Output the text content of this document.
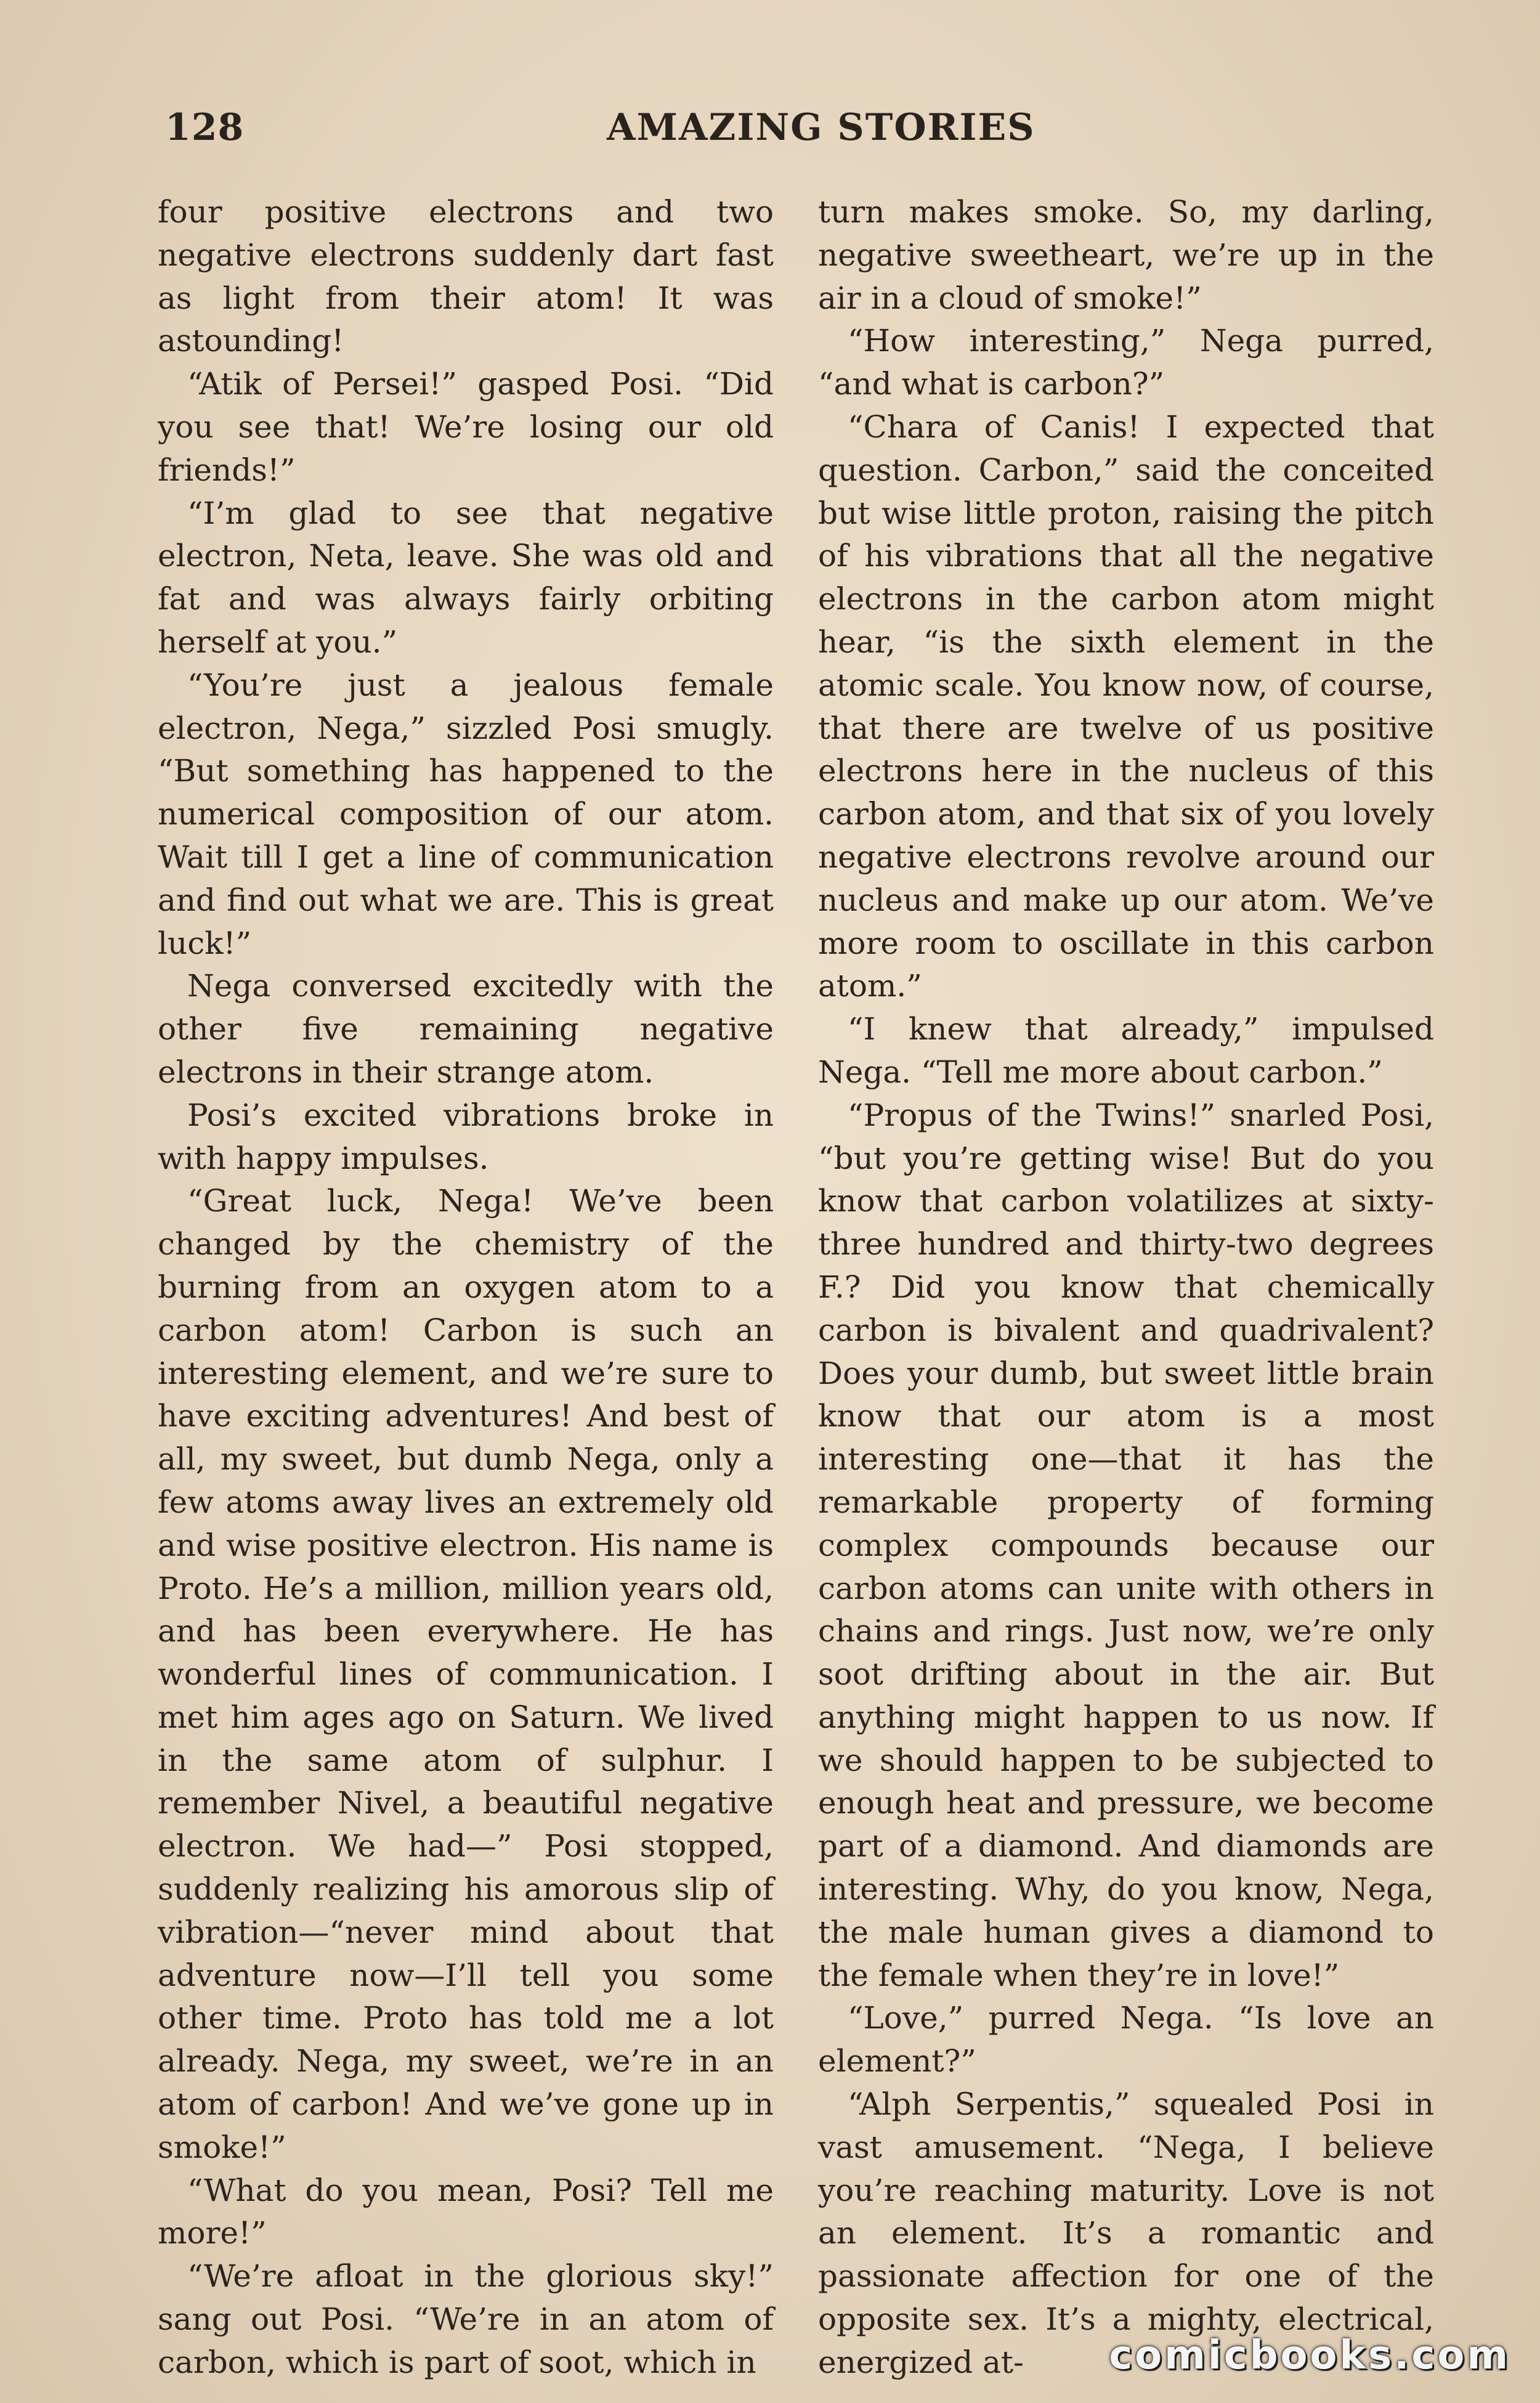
128	AMAZING STORIES

four positive electrons and two negative electrons suddenly dart fast as light from their atom! It was astounding!

“Atik of Persei!” gasped Posi. “Did you see that! We’re losing our old friends!”

“I’m glad to see that negative electron, Neta, leave. She was old and fat and was always fairly orbiting herself at you.”

“You’re just a jealous female electron, Nega,” sizzled Posi smugly. “But something has happened to the numerical composition of our atom. Wait till I get a line of communication and find out what we are. This is great luck!”

Nega conversed excitedly with the other five remaining negative electrons in their strange atom.

Posi’s excited vibrations broke in with happy impulses.

“Great luck, Nega! We’ve been changed by the chemistry of the burning from an oxygen atom to a carbon atom! Carbon is such an interesting element, and we’re sure to have exciting adventures! And best of all, my sweet, but dumb Nega, only a few atoms away lives an extremely old and wise positive electron. His name is Proto. He’s a million, million years old, and has been everywhere. He has wonderful lines of communication. I met him ages ago on Saturn. We lived in the same atom of sulphur. I remember Nivel, a beautiful negative electron. We had—” Posi stopped, suddenly realizing his amorous slip of vibration—“never mind about that adventure now—I’ll tell you some other time. Proto has told me a lot already. Nega, my sweet, we’re in an atom of carbon! And we’ve gone up in smoke!”

“What do you mean, Posi? Tell me more!”

“We’re afloat in the glorious sky!” sang out Posi. “We’re in an atom of carbon, which is part of soot, which in

turn makes smoke. So, my darling, negative sweetheart, we’re up in the air in a cloud of smoke!”

“How interesting,” Nega purred, “and what is carbon?”

“Chara of Canis! I expected that question. Carbon,” said the conceited but wise little proton, raising the pitch of his vibrations that all the negative electrons in the carbon atom might hear, “is the sixth element in the atomic scale. You know now, of course, that there are twelve of us positive electrons here in the nucleus of this carbon atom, and that six of you lovely negative electrons revolve around our nucleus and make up our atom. We’ve more room to oscillate in this carbon atom.”

“I knew that already,” impulsed Nega. “Tell me more about carbon.”

“Propus of the Twins!” snarled Posi, “but you’re getting wise! But do you know that carbon volatilizes at sixty-three hundred and thirty-two degrees F.? Did you know that chemically carbon is bivalent and quadrivalent? Does your dumb, but sweet little brain know that our atom is a most interesting one—that it has the remarkable property of forming complex compounds because our carbon atoms can unite with others in chains and rings. Just now, we’re only soot drifting about in the air. But anything might happen to us now. If we should happen to be subjected to enough heat and pressure, we become part of a diamond. And diamonds are interesting. Why, do you know, Nega, the male human gives a diamond to the female when they’re in love!”

“Love,” purred Nega. “Is love an element?”

“Alph Serpentis,” squealed Posi in vast amusement. “Nega, I believe you’re reaching maturity. Love is not an element. It’s a romantic and passionate affection for one of the opposite sex. It’s a mighty, electrical, energized at-	comicbooks.com
